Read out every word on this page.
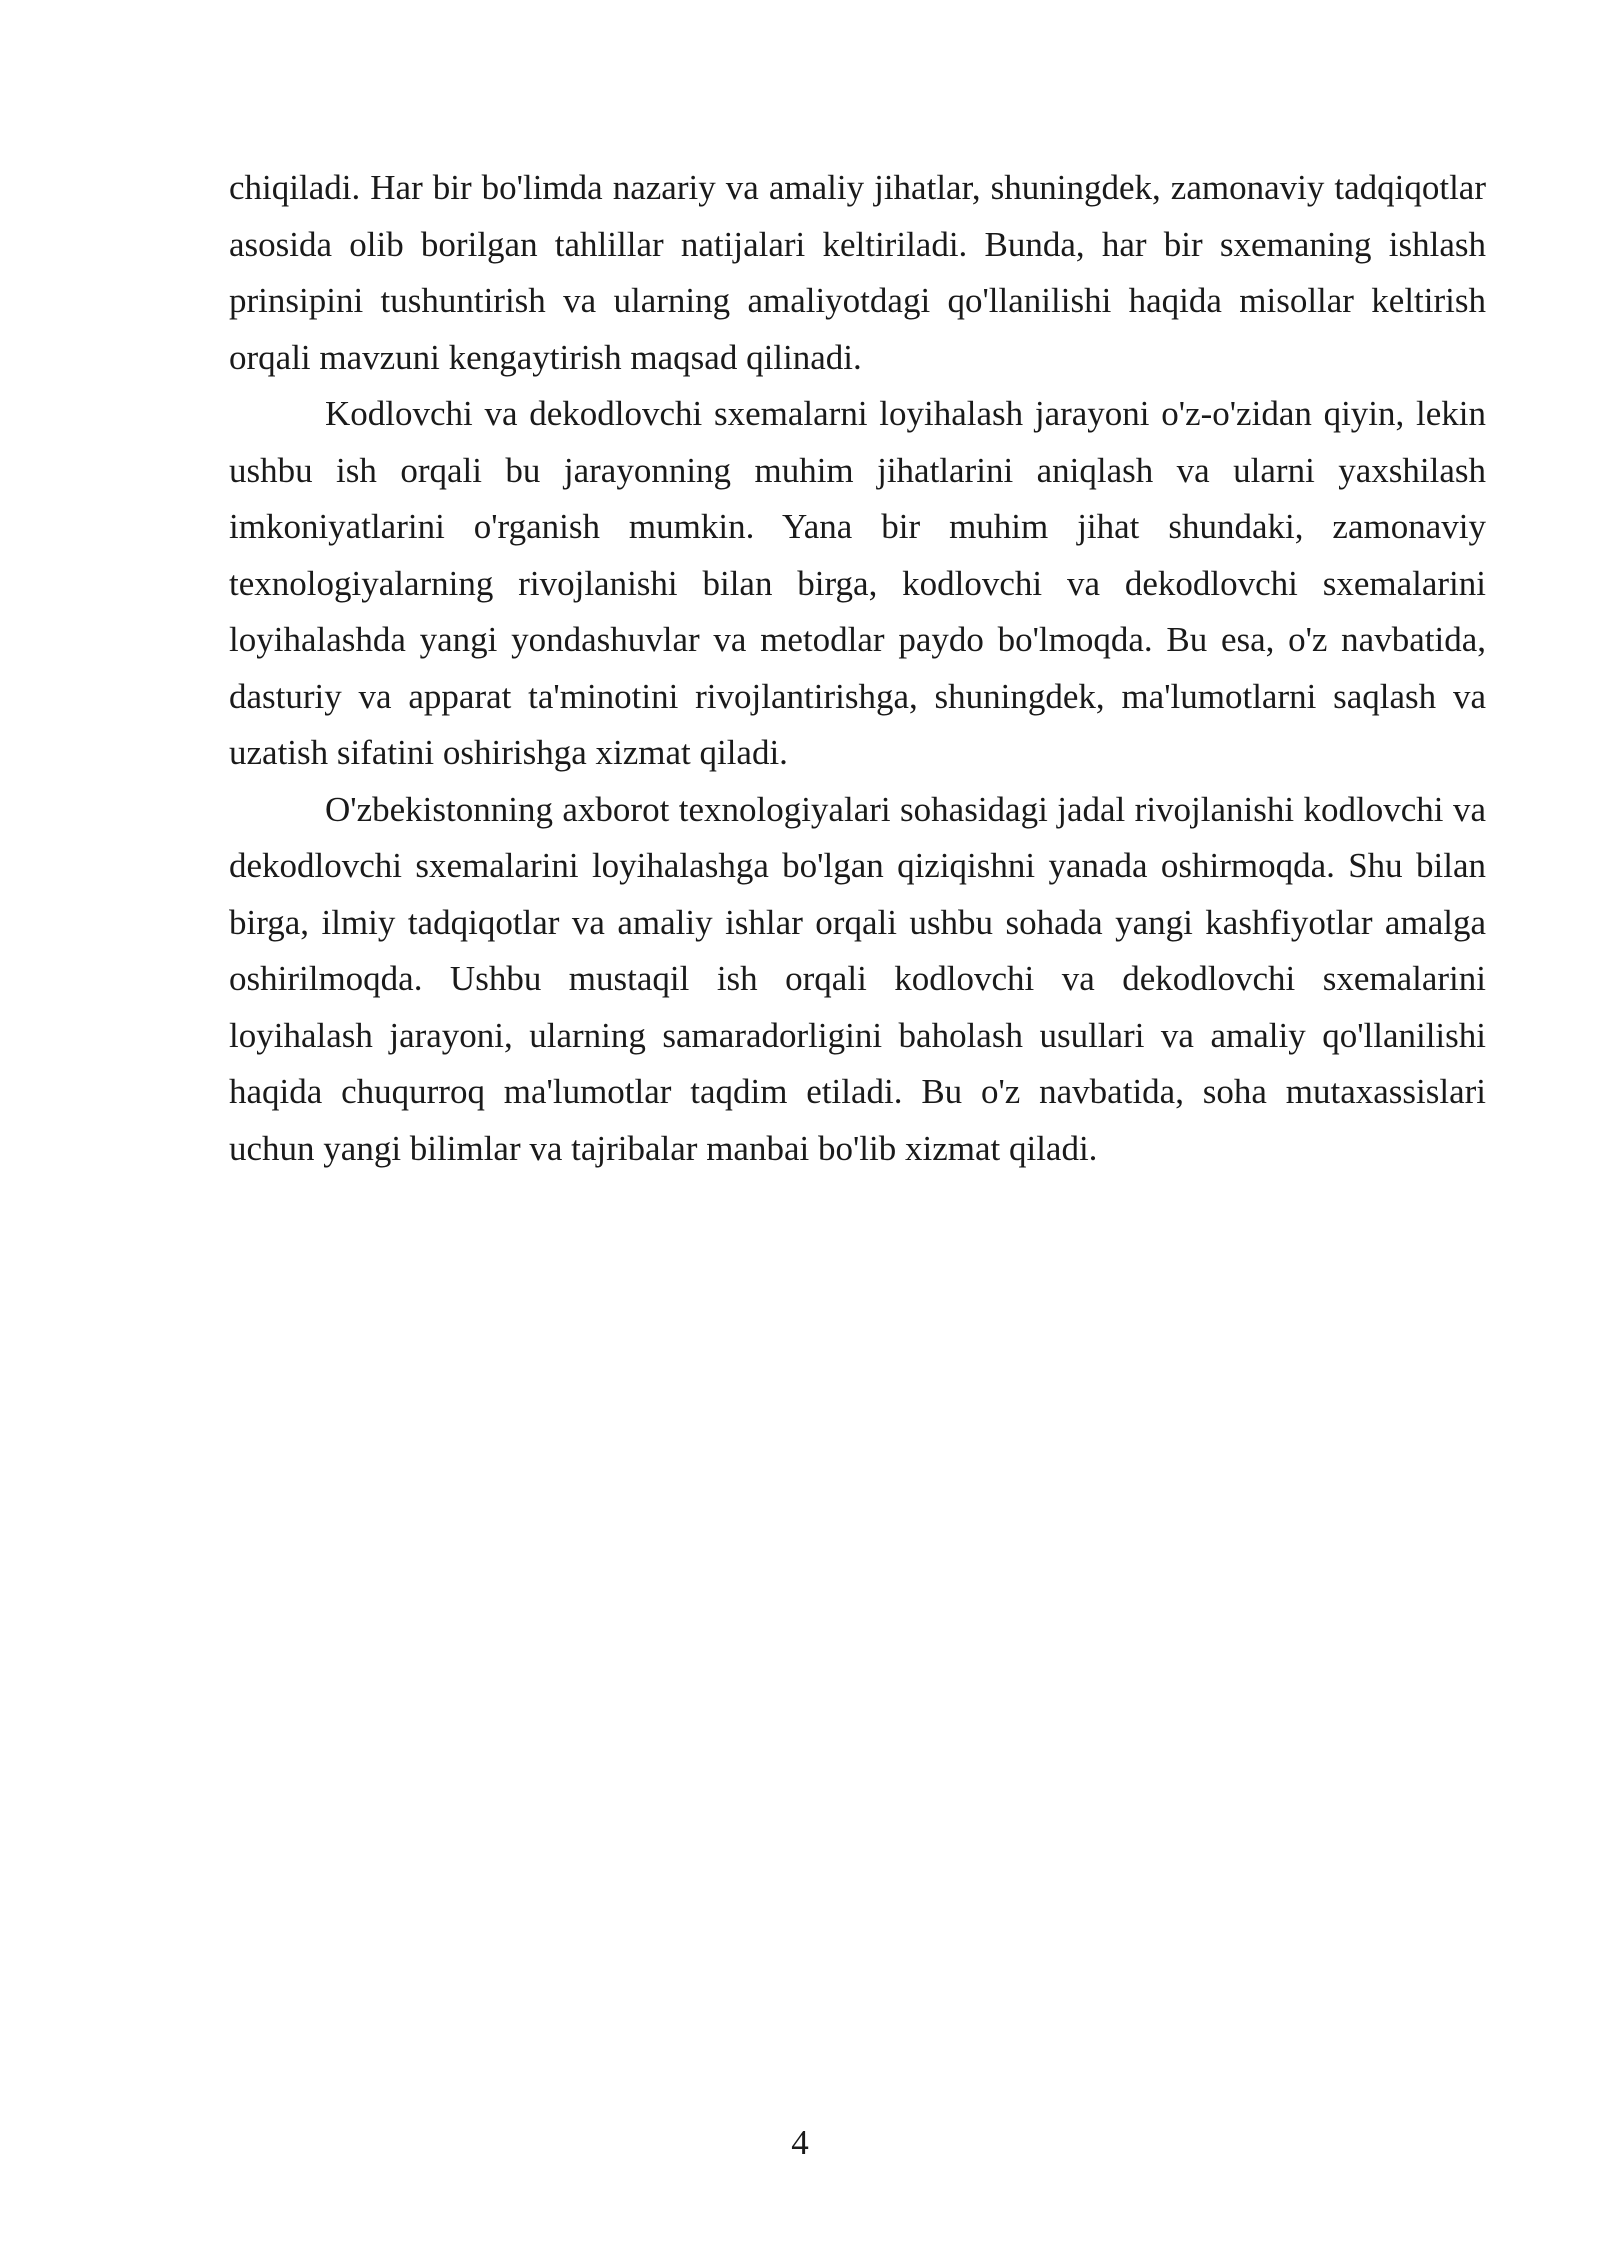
chiqiladi. Har bir bo'limda nazariy va amaliy jihatlar, shuningdek, zamonaviy tadqiqotlar asosida olib borilgan tahlillar natijalari keltiriladi. Bunda, har bir sxemaning ishlash prinsipini tushuntirish va ularning amaliyotdagi qo'llanilishi haqida misollar keltirish orqali mavzuni kengaytirish maqsad qilinadi.

Kodlovchi va dekodlovchi sxemalarni loyihalash jarayoni o'z-o'zidan qiyin, lekin ushbu ish orqali bu jarayonning muhim jihatlarini aniqlash va ularni yaxshilash imkoniyatlarini o'rganish mumkin. Yana bir muhim jihat shundaki, zamonaviy texnologiyalarning rivojlanishi bilan birga, kodlovchi va dekodlovchi sxemalarini loyihalashda yangi yondashuvlar va metodlar paydo bo'lmoqda. Bu esa, o'z navbatida, dasturiy va apparat ta'minotini rivojlantirishga, shuningdek, ma'lumotlarni saqlash va uzatish sifatini oshirishga xizmat qiladi.

O'zbekistonning axborot texnologiyalari sohasidagi jadal rivojlanishi kodlovchi va dekodlovchi sxemalarini loyihalashga bo'lgan qiziqishni yanada oshirmoqda. Shu bilan birga, ilmiy tadqiqotlar va amaliy ishlar orqali ushbu sohada yangi kashfiyotlar amalga oshirilmoqda. Ushbu mustaqil ish orqali kodlovchi va dekodlovchi sxemalarini loyihalash jarayoni, ularning samaradorligini baholash usullari va amaliy qo'llanilishi haqida chuqurroq ma'lumotlar taqdim etiladi. Bu o'z navbatida, soha mutaxassislari uchun yangi bilimlar va tajribalar manbai bo'lib xizmat qiladi.

4
